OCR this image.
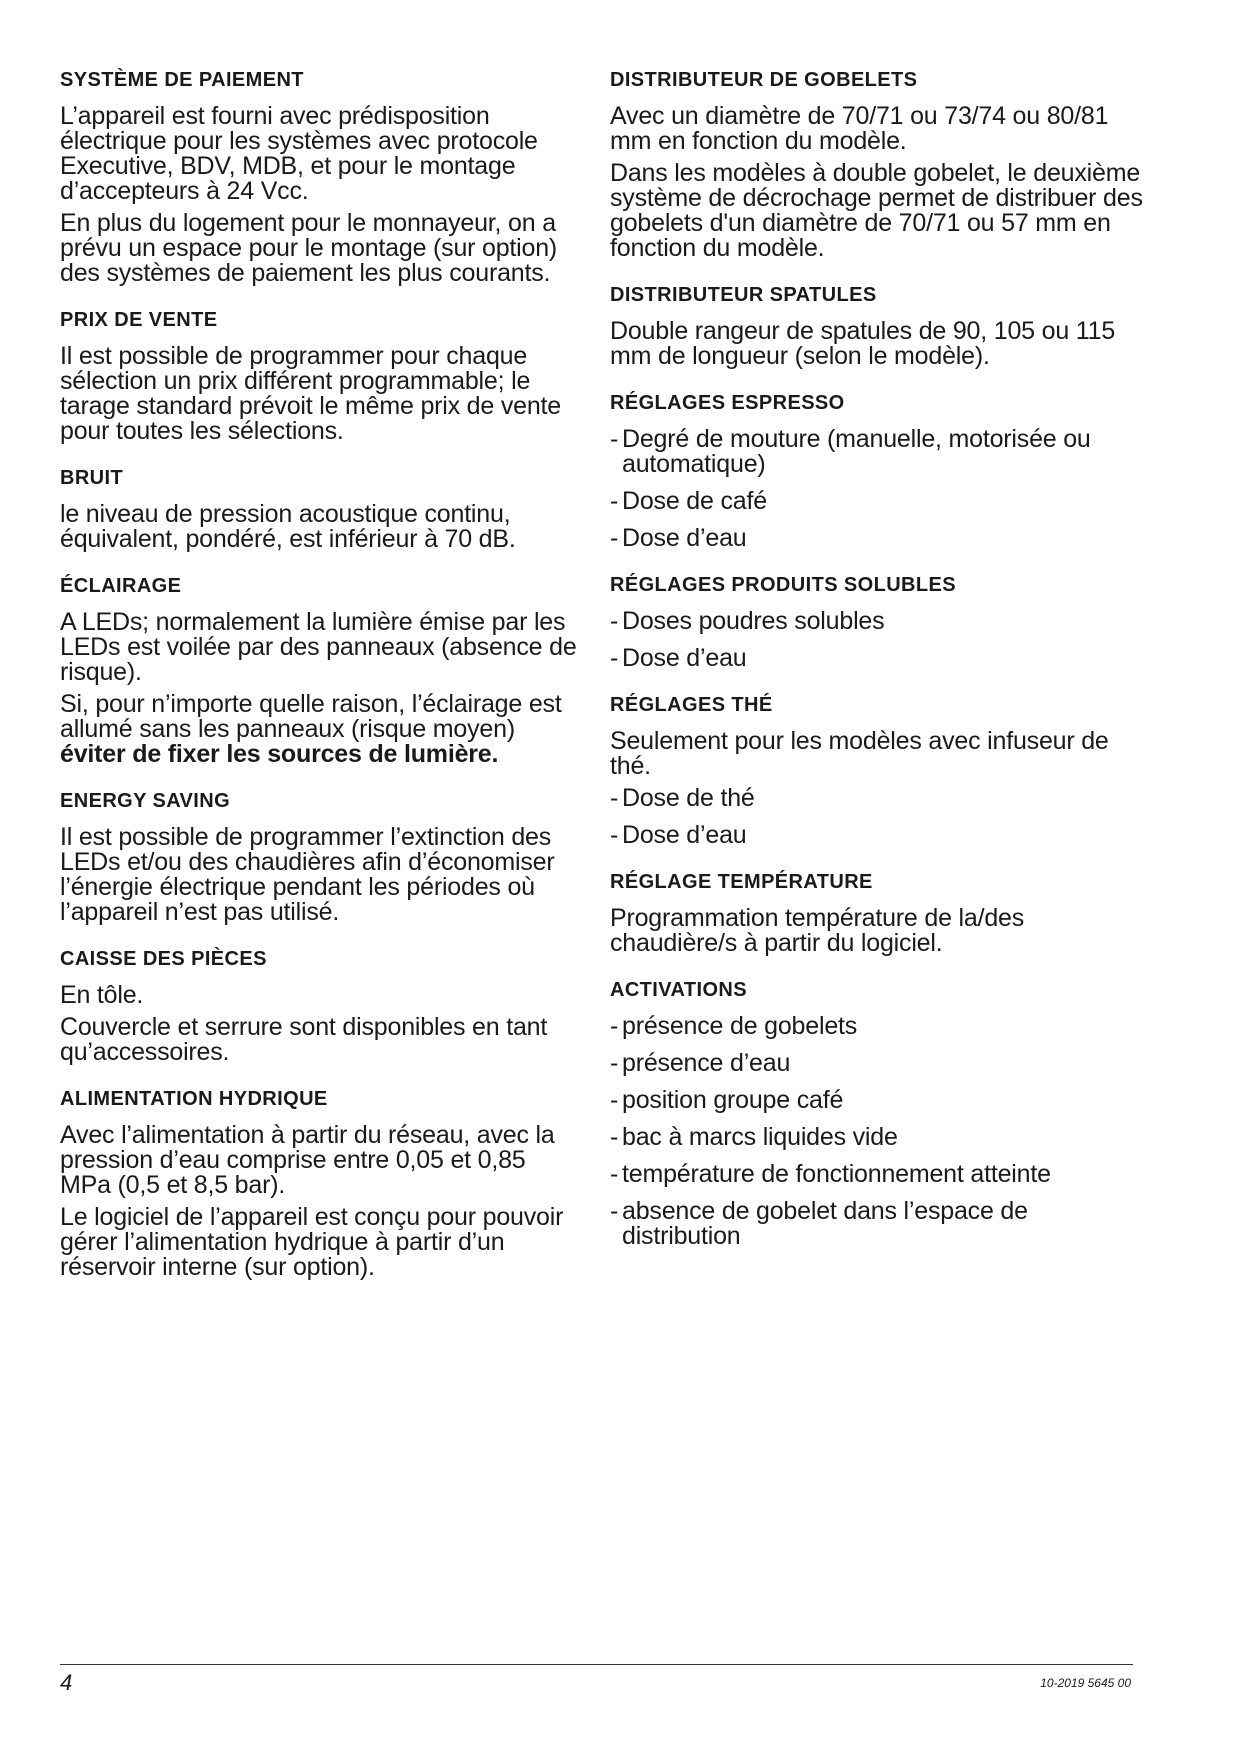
SYSTÈME DE PAIEMENT

L’appareil est fourni avec prédisposition électrique pour les systèmes avec protocole Executive, BDV, MDB, et pour le montage d’accepteurs à 24 Vcc.

En plus du logement pour le monnayeur, on a prévu un espace pour le montage (sur option) des systèmes de paiement les plus courants.

PRIX DE VENTE

Il est possible de programmer pour chaque sélection un prix différent programmable; le tarage standard prévoit le même prix de vente pour toutes les sélections.

BRUIT

le niveau de pression acoustique continu, équivalent, pondéré, est inférieur à 70 dB.

ÉCLAIRAGE

A LEDs; normalement la lumière émise par les LEDs est voilée par des panneaux (absence de risque).

Si, pour n’importe quelle raison, l’éclairage est allumé sans les panneaux (risque moyen) éviter de fixer les sources de lumière.

ENERGY SAVING

Il est possible de programmer l’extinction des LEDs et/ou des chaudières afin d’économiser l’énergie électrique pendant les périodes où l’appareil n’est pas utilisé.

CAISSE DES PIÈCES

En tôle.

Couvercle et serrure sont disponibles en tant qu’accessoires.

ALIMENTATION HYDRIQUE

Avec l’alimentation à partir du réseau, avec la pression d’eau comprise entre 0,05 et 0,85 MPa (0,5 et 8,5 bar).

Le logiciel de l’appareil est conçu pour pouvoir gérer l’alimentation hydrique à partir d’un réservoir interne (sur option).

DISTRIBUTEUR DE GOBELETS

Avec un diamètre de 70/71 ou 73/74 ou 80/81 mm en fonction du modèle.

Dans les modèles à double gobelet, le deuxième système de décrochage permet de distribuer des gobelets d'un diamètre de 70/71 ou 57 mm en fonction du modèle.

DISTRIBUTEUR SPATULES

Double rangeur de spatules de 90, 105 ou 115 mm de longueur (selon le modèle).

RÉGLAGES ESPRESSO
- Degré de mouture (manuelle, motorisée ou automatique)
- Dose de café
- Dose d’eau
RÉGLAGES PRODUITS SOLUBLES
- Doses poudres solubles
- Dose d’eau
RÉGLAGES THÉ

Seulement pour les modèles avec infuseur de thé.

- Dose de thé
- Dose d’eau
RÉGLAGE TEMPÉRATURE

Programmation température de la/des chaudière/s à partir du logiciel.

ACTIVATIONS
- présence de gobelets
- présence d’eau
- position groupe café
- bac à marcs liquides vide
- température de fonctionnement atteinte
- absence de gobelet dans l’espace de distribution
4	10-2019 5645 00
